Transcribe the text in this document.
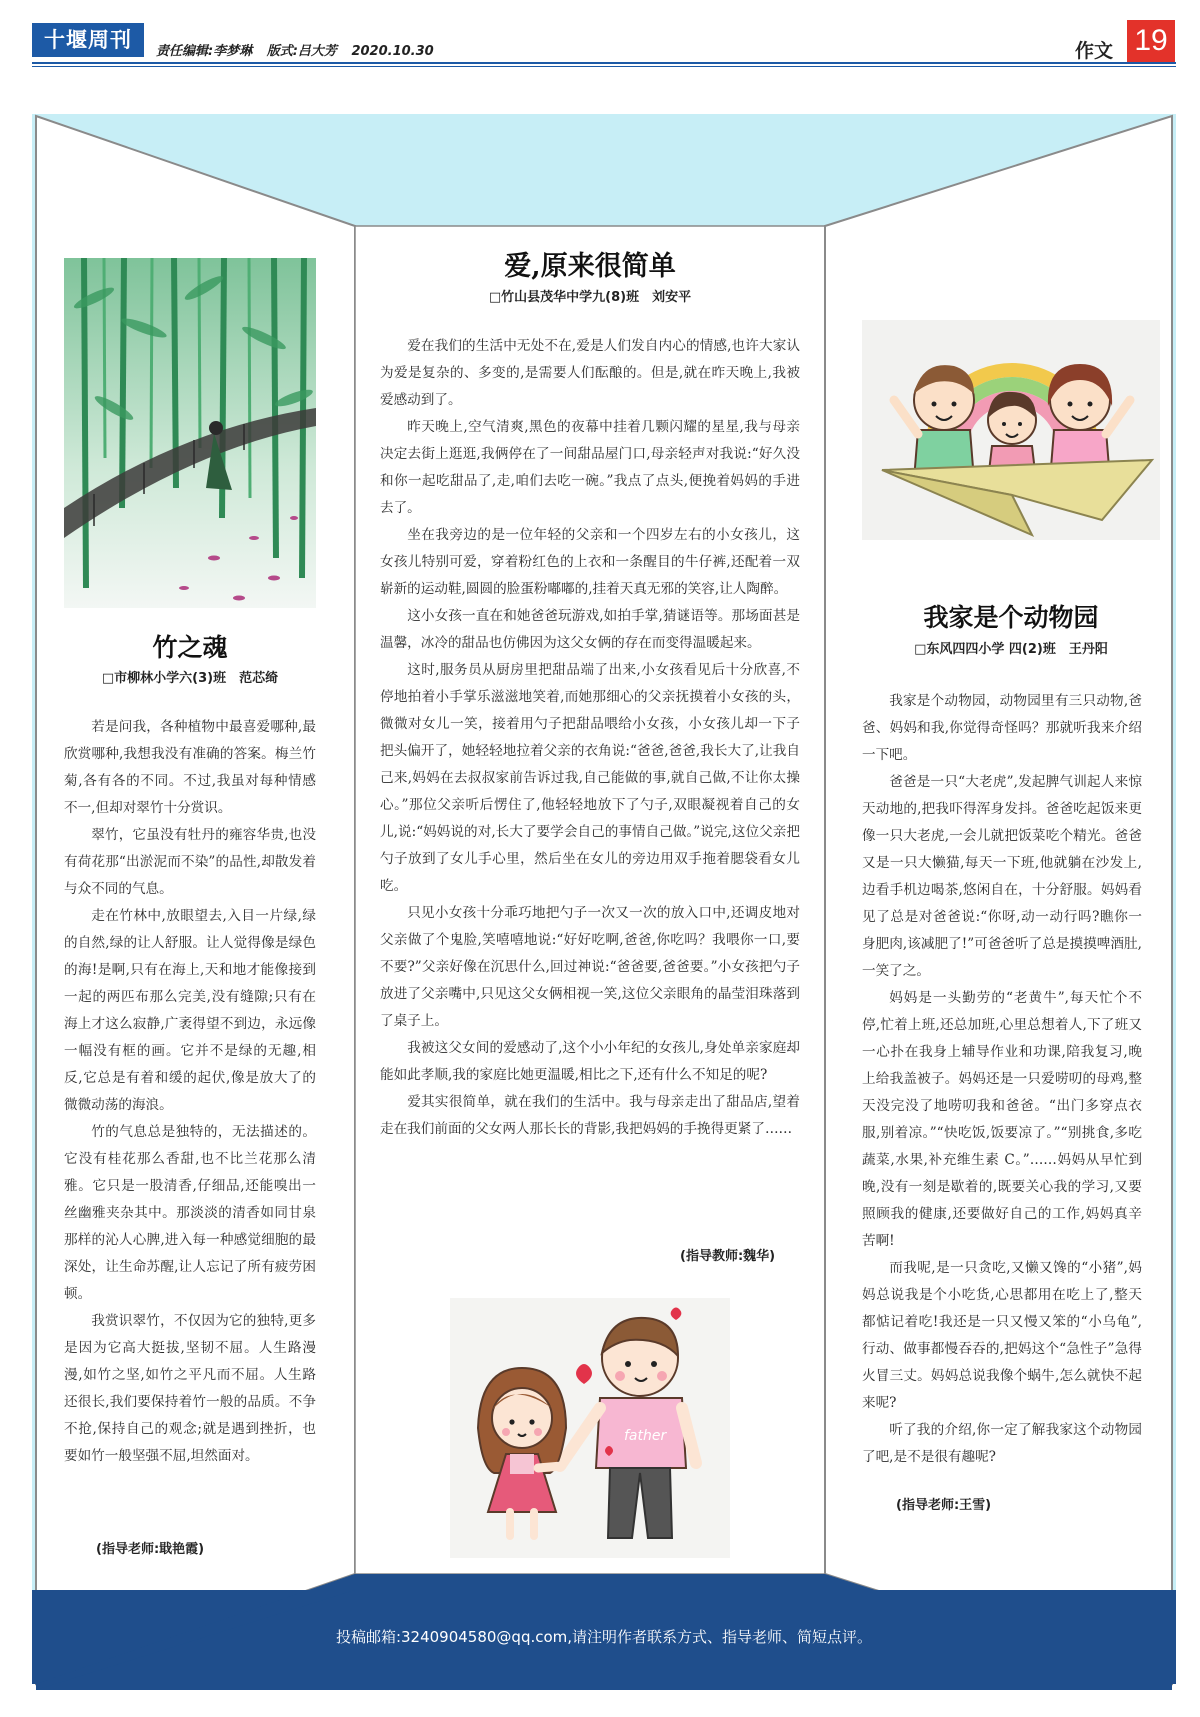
十堰周刊	责任编辑:李梦琳 版式:吕大芳 2020.10.30	作文 19
投稿邮箱:3240904580@qq.com,请注明作者联系方式、指导老师、简短点评。
竹之魂
□市柳林小学六(3)班　范芯绮

若是问我，各种植物中最喜爱哪种,最欣赏哪种,我想我没有准确的答案。梅兰竹菊,各有各的不同。不过,我虽对每种情感不一,但却对翠竹十分赏识。

翠竹，它虽没有牡丹的雍容华贵,也没有荷花那“出淤泥而不染”的品性,却散发着与众不同的气息。

走在竹林中,放眼望去,入目一片绿,绿的自然,绿的让人舒服。让人觉得像是绿色的海!是啊,只有在海上,天和地才能像接到一起的两匹布那么完美,没有缝隙;只有在海上才这么寂静,广袤得望不到边，永远像一幅没有框的画。它并不是绿的无趣,相反,它总是有着和缓的起伏,像是放大了的微微动荡的海浪。

竹的气息总是独特的，无法描述的。它没有桂花那么香甜,也不比兰花那么清雅。它只是一股清香,仔细品,还能嗅出一丝幽雅夹杂其中。那淡淡的清香如同甘泉那样的沁人心脾,进入每一种感觉细胞的最深处，让生命苏醒,让人忘记了所有疲劳困顿。

我赏识翠竹，不仅因为它的独特,更多是因为它高大挺拔,坚韧不屈。人生路漫漫,如竹之坚,如竹之平凡而不屈。人生路还很长,我们要保持着竹一般的品质。不争不抢,保持自己的观念;就是遇到挫折，也要如竹一般坚强不屈,坦然面对。

(指导老师:戢艳霞)
爱,原来很简单
□竹山县茂华中学九(8)班　刘安平

爱在我们的生活中无处不在,爱是人们发自内心的情感,也许大家认为爱是复杂的、多变的,是需要人们酝酿的。但是,就在昨天晚上,我被爱感动到了。

昨天晚上,空气清爽,黑色的夜幕中挂着几颗闪耀的星星,我与母亲决定去街上逛逛,我俩停在了一间甜品屋门口,母亲轻声对我说:“好久没和你一起吃甜品了,走,咱们去吃一碗。”我点了点头,便挽着妈妈的手进去了。

坐在我旁边的是一位年轻的父亲和一个四岁左右的小女孩儿，这女孩儿特别可爱，穿着粉红色的上衣和一条醒目的牛仔裤,还配着一双崭新的运动鞋,圆圆的脸蛋粉嘟嘟的,挂着天真无邪的笑容,让人陶醉。

这小女孩一直在和她爸爸玩游戏,如拍手掌,猜谜语等。那场面甚是温馨，冰冷的甜品也仿佛因为这父女俩的存在而变得温暖起来。

这时,服务员从厨房里把甜品端了出来,小女孩看见后十分欣喜,不停地拍着小手掌乐滋滋地笑着,而她那细心的父亲抚摸着小女孩的头，微微对女儿一笑，接着用勺子把甜品喂给小女孩，小女孩儿却一下子把头偏开了，她轻轻地拉着父亲的衣角说:“爸爸,爸爸,我长大了,让我自己来,妈妈在去叔叔家前告诉过我,自己能做的事,就自己做,不让你太操心。”那位父亲听后愣住了,他轻轻地放下了勺子,双眼凝视着自己的女儿,说:“妈妈说的对,长大了要学会自己的事情自己做。”说完,这位父亲把勺子放到了女儿手心里，然后坐在女儿的旁边用双手拖着腮袋看女儿吃。

只见小女孩十分乖巧地把勺子一次又一次的放入口中,还调皮地对父亲做了个鬼脸,笑嘻嘻地说:“好好吃啊,爸爸,你吃吗？我喂你一口,要不要?”父亲好像在沉思什么,回过神说:“爸爸要,爸爸要。”小女孩把勺子放进了父亲嘴中,只见这父女俩相视一笑,这位父亲眼角的晶莹泪珠落到了桌子上。

我被这父女间的爱感动了,这个小小年纪的女孩儿,身处单亲家庭却能如此孝顺,我的家庭比她更温暖,相比之下,还有什么不知足的呢?

爱其实很简单，就在我们的生活中。我与母亲走出了甜品店,望着走在我们前面的父女两人那长长的背影,我把妈妈的手挽得更紧了……

(指导教师:魏华)
father
我家是个动物园
□东风四四小学 四(2)班　王丹阳

我家是个动物园，动物园里有三只动物,爸爸、妈妈和我,你觉得奇怪吗？那就听我来介绍一下吧。

爸爸是一只“大老虎”,发起脾气训起人来惊天动地的,把我吓得浑身发抖。爸爸吃起饭来更像一只大老虎,一会儿就把饭菜吃个精光。爸爸又是一只大懒猫,每天一下班,他就躺在沙发上,边看手机边喝茶,悠闲自在，十分舒服。妈妈看见了总是对爸爸说:“你呀,动一动行吗?瞧你一身肥肉,该减肥了!”可爸爸听了总是摸摸啤酒肚,一笑了之。

妈妈是一头勤劳的“老黄牛”,每天忙个不停,忙着上班,还总加班,心里总想着人,下了班又一心扑在我身上辅导作业和功课,陪我复习,晚上给我盖被子。妈妈还是一只爱唠叨的母鸡,整天没完没了地唠叨我和爸爸。“出门多穿点衣服,别着凉。”“快吃饭,饭要凉了。”“别挑食,多吃蔬菜,水果,补充维生素 C。”……妈妈从早忙到晚,没有一刻是歇着的,既要关心我的学习,又要照顾我的健康,还要做好自己的工作,妈妈真辛苦啊!

而我呢,是一只贪吃,又懒又馋的“小猪”,妈妈总说我是个小吃货,心思都用在吃上了,整天都惦记着吃!我还是一只又慢又笨的“小乌龟”,行动、做事都慢吞吞的,把妈这个“急性子”急得火冒三丈。妈妈总说我像个蜗牛,怎么就快不起来呢?

听了我的介绍,你一定了解我家这个动物园了吧,是不是很有趣呢?

(指导老师:王雪)
